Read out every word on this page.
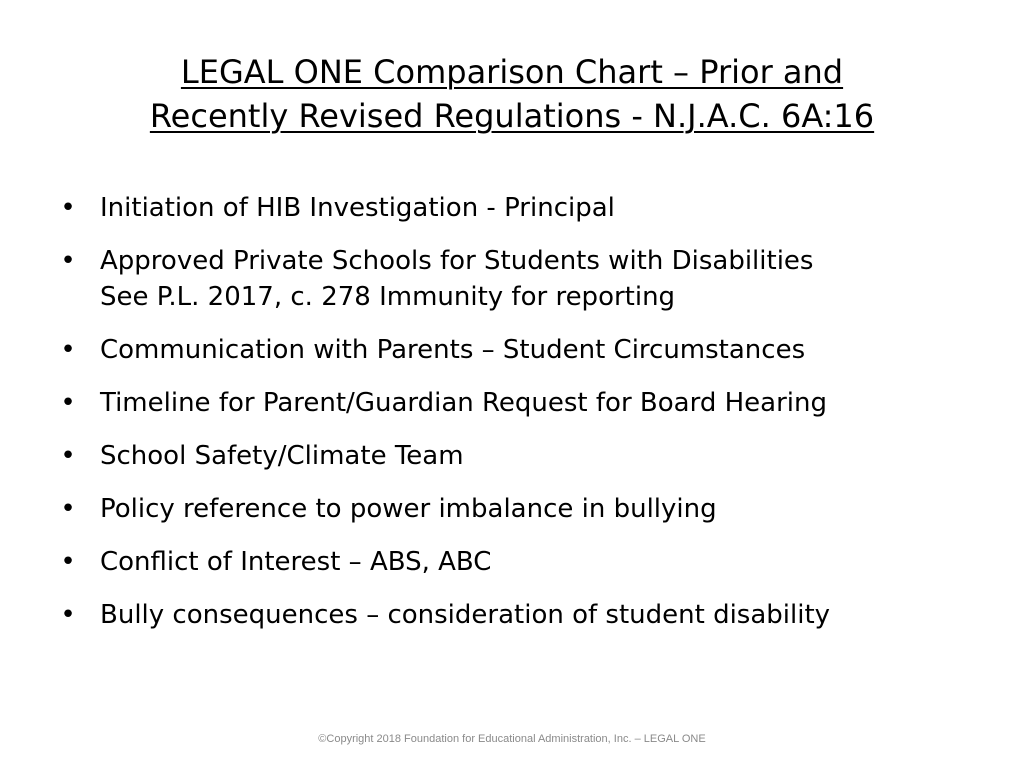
LEGAL ONE Comparison Chart – Prior and
Recently Revised Regulations - N.J.A.C. 6A:16
• Initiation of HIB Investigation - Principal
• Approved Private Schools for Students with Disabilities
See P.L. 2017, c. 278 Immunity for reporting
• Communication with Parents – Student Circumstances
• Timeline for Parent/Guardian Request for Board Hearing
• School Safety/Climate Team
• Policy reference to power imbalance in bullying
• Conflict of Interest – ABS, ABC
• Bully consequences – consideration of student disability
©Copyright 2018 Foundation for Educational Administration, Inc. – LEGAL ONE
